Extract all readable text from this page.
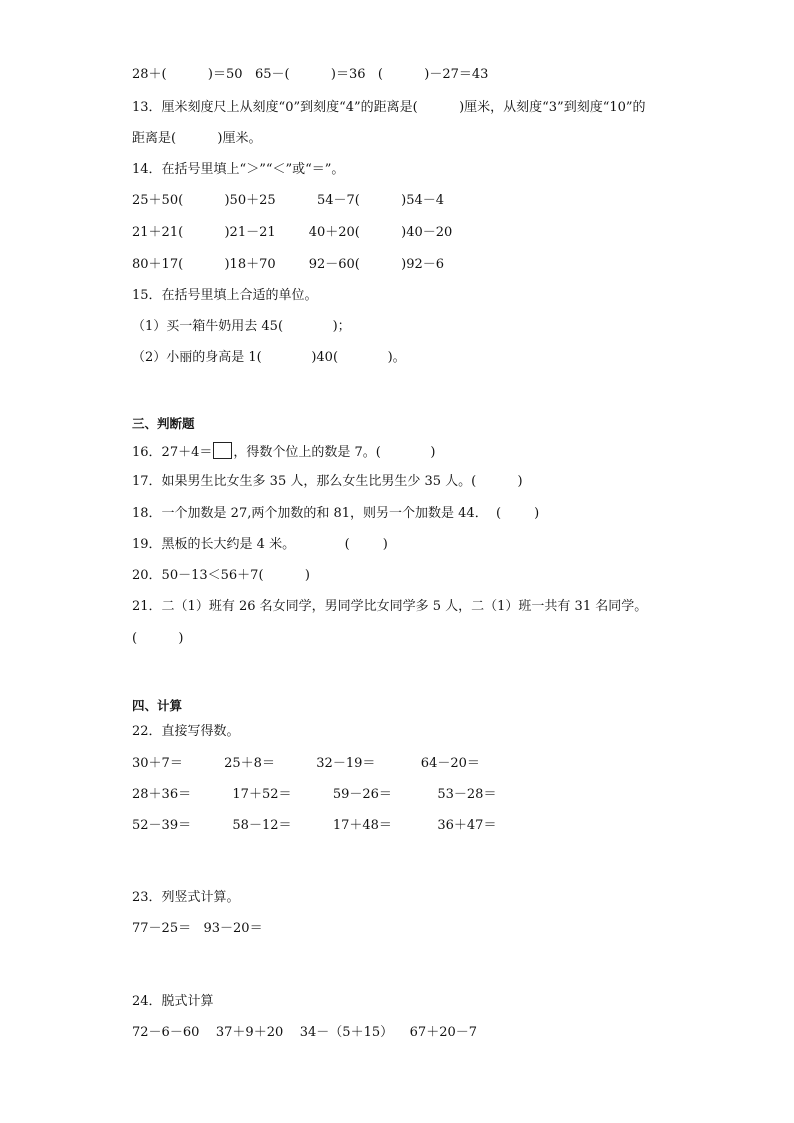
28＋(          )＝50   65－(          )＝36   (          )－27＝43
13．厘米刻度尺上从刻度“0”到刻度“4”的距离是(          )厘米，从刻度“3”到刻度“10”的
距离是(          )厘米。
14．在括号里填上“＞”“＜”或“＝”。
25＋50(          )50＋25          54－7(          )54－4
21＋21(          )21－21        40＋20(          )40－20
80＋17(          )18＋70        92－60(          )92－6
15．在括号里填上合适的单位。
（1）买一箱牛奶用去 45(            )；
（2）小丽的身高是 1(            )40(            )。
三、判断题
16．27＋4＝ ，得数个位上的数是 7。(            )
17．如果男生比女生多 35 人，那么女生比男生少 35 人。(          )
18．一个加数是 27,两个加数的和 81，则另一个加数是 44．  (        )
19．黑板的长大约是 4 米。            (        )
20．50－13＜56＋7(          )
21．二（1）班有 26 名女同学，男同学比女同学多 5 人，二（1）班一共有 31 名同学。
(          )
四、计算
22．直接写得数。
30＋7＝          25＋8＝          32－19＝           64－20＝
28＋36＝          17＋52＝          59－26＝           53－28＝
52－39＝          58－12＝          17＋48＝           36＋47＝
23．列竖式计算。
77－25＝   93－20＝
24．脱式计算
72－6－60    37＋9＋20    34－（5＋15）    67＋20－7
